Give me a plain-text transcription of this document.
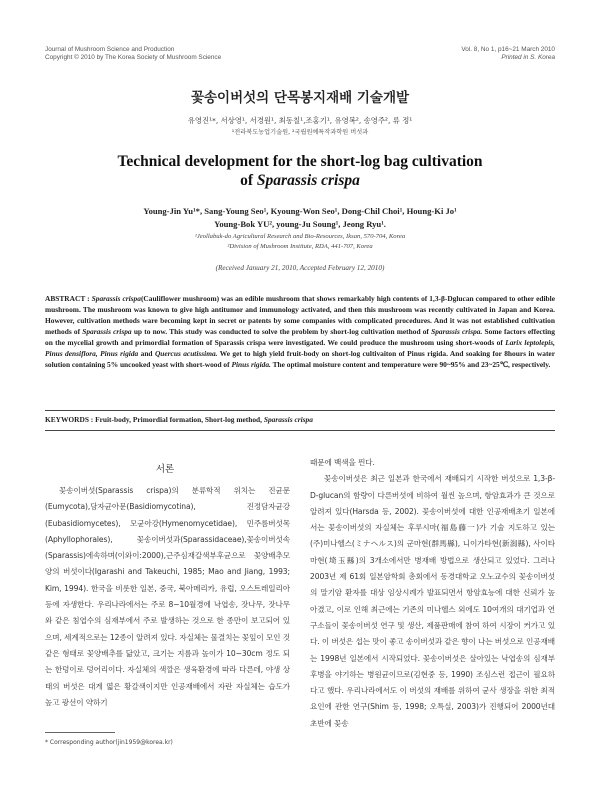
Journal of Mushroom Science and Production
Copyright © 2010 by The Korea Society of Mushroom Science
Vol. 8, No 1, p16~21 March 2010
Printed in S. Korea
꽃송이버섯의 단목봉지재배 기술개발
유영진¹*, 서상영¹, 서경원¹, 최동칠¹,조홍기¹, 유영복², 송영주², 류 정¹
¹전라북도농업기술원, ²국립원예특작과학원 버섯과
Technical development for the short-log bag cultivation
of Sparassis crispa
Young-Jin Yu¹*, Sang-Young Seo¹, Kyoung-Won Seo¹, Dong-Chil Choi¹, Houng-Ki Jo¹
Young-Bok YU², young-Ju Soung¹, Jeong Ryu¹.
¹Jeollabuk-do Agricultural Research and Bio-Resources, Iksan, 570-704, Korea
²Division of Mushroom Institute, RDA, 441-707, Korea
(Received January 21, 2010, Accepted February 12, 2010)
ABSTRACT : Sparassis crispa(Cauliflower mushroom) was an edible mushroom that shows remarkably high contents of 1,3-β-Dglucan compared to other edible mushroom. The mushroom was known to give high antitumor and immunology activated, and then this mushroom was recently cultivated in Japan and Korea. However, cultivation methods ware becoming kept in secret or patents by some companies with complicated procedures. And it was not established cultivation methods of Sparassis crispa up to now. This study was conducted to solve the problem by short-log cultivation method of Sparassis crispa. Some factors effecting on the mycelial growth and primordial formation of Sparassis crispa were investigated. We could produce the mushroom using short-woods of Larix leptolepis, Pinus densiflora, Pinus rigida and Quercus acutissima. We get to high yield fruit-body on short-log cultivaiton of Pinus rigida. And soaking for 8hours in water solution containing 5% uncooked yeast with short-wood of Pinus rigida. The optimal moisture content and temperature were 90~95% and 23~25℃, respectively.
KEYWORDS : Fruit-body, Primordial formation, Short-log method, Sparassis crispa
서론

꽃송이버섯(Sparassis crispa)의 분류학적 위치는 진균문(Eumycota),담자균아문(Basidiomycotina), 진정담자균강(Eubasidiomycetes), 모균아강(Hymenomycetidae), 민주름버섯목 (Aphyllophorales), 꽃송이버섯과(Sparassidaceae),꽃송이버섯속(Sparassis)에속하며(이와이:2000),근주심재갈색부후균으로 꽃양배추모양의 버섯이다(Igarashi and Takeuchi, 1985; Mao and Jiang, 1993; Kim, 1994). 한국을 비롯한 일본, 중국, 북아메리카, 유럽, 오스트레일리아 등에 자생한다. 우리나라에서는 주로 8~10월경에 낙엽송, 잣나무, 잣나무와 같은 침엽수의 심재부에서 주로 발생하는 것으로 한 종만이 보고되어 있으며, 세계적으로는 12종이 알려져 있다. 자실체는 물결치는 꽃잎이 모인 것 같은 형태로 꽃양배추를 닮았고, 크기는 지름과 높이가 10~30cm 정도 되는 한덩이로 덩어리이다. 자실체의 색깔은 생육환경에 따라 다른데, 야생 상태의 버섯은 대게 엷은 황갈색이지만 인공재배에서 자란 자실체는 습도가 높고 광선이 약하기

때문에 백색을 띈다.

꽃송이버섯은 최근 일본과 한국에서 재배되기 시작한 버섯으로 1,3-β-D-glucan의 함량이 다른버섯에 비하여 월씬 높으며, 항암효과가 큰 것으로 알려져 있다(Harsda 등, 2002). 꽃송이버섯에 대한 인공재배초기 일본에서는 꽃송이버섯의 자실체는 후루시마(福島藤一)가 기술 지도하고 있는 (주)미나헬스(ミナヘルス)의 군마현(群馬縣), 니이가타현(新潟縣), 사이타마현(埼玉縣)의 3개소에서만 병재배 방법으로 생산되고 있었다. 그러나 2003년 제 61회 일본암학회 총회에서 동경대학교 오노교수의 꽃송이버섯의 말기암 환자를 대상 임상시례가 발표되면서 항암효능에 대한 신뢰가 높아겼고, 이로 인해 최근에는 기존의 미나헬스 외에도 10여개의 대기업과 연구소들이 꽃송이버섯 연구 및 생산, 제품판매에 참여 하여 시장이 커가고 있다. 이 버섯은 섭는 맛이 좋고 송이버섯과 같은 향이 나는 버섯으로 인공재배는 1998년 일본에서 시작되었다. 꽃송이버섯은 살아있는 낙엽송의 심재부후병을 야기하는 병원균이므로(김현중 등, 1990) 조심스런 접근이 필요하다고 했다. 우리나라에서도 이 버섯의 재배를 위하여 균사 생장을 위한 최적요인에 관한 연구(Shim 등, 1998; 오특실, 2003)가 진행되어 2000년대 초반에 꽃송

* Corresponding author(jin1959@korea.kr)
